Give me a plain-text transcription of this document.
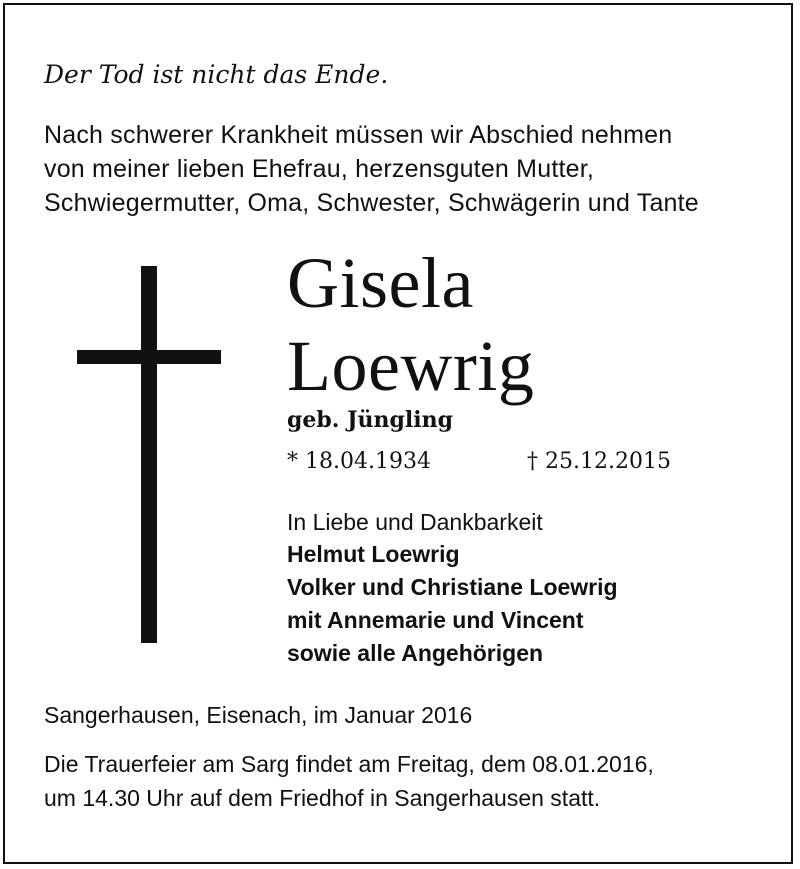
Der Tod ist nicht das Ende.
Nach schwerer Krankheit müssen wir Abschied nehmen
von meiner lieben Ehefrau, herzensguten Mutter,
Schwiegermutter, Oma, Schwester, Schwägerin und Tante
Gisela
Loewrig
geb. Jüngling
* 18.04.1934	† 25.12.2015
In Liebe und Dankbarkeit
Helmut Loewrig
Volker und Christiane Loewrig
mit Annemarie und Vincent
sowie alle Angehörigen
Sangerhausen, Eisenach, im Januar 2016
Die Trauerfeier am Sarg findet am Freitag, dem 08.01.2016,
um 14.30 Uhr auf dem Friedhof in Sangerhausen statt.
